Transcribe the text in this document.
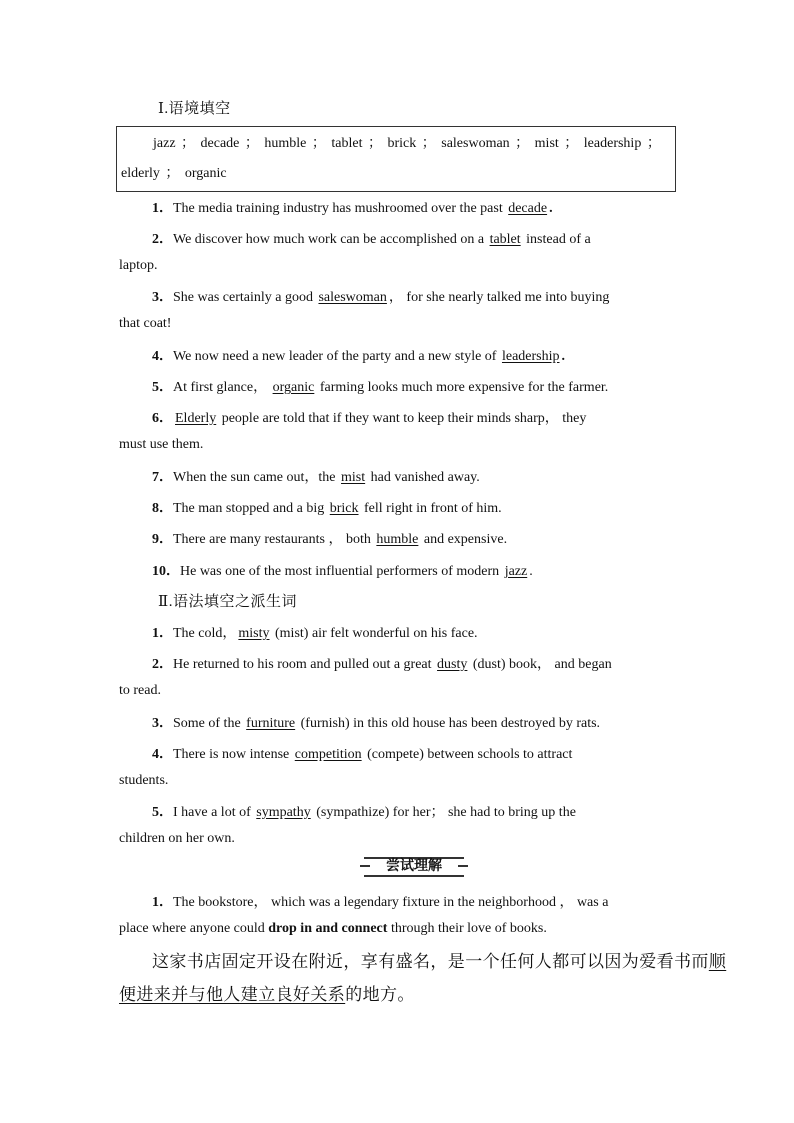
Ⅰ.语境填空
jazz ； decade ； humble ； tablet ； brick ； saleswoman ； mist ； leadership ；
elderly ； organic
1．The media training industry has mushroomed over the past decade .
2．We discover how much work can be accomplished on a tablet instead of a
laptop.
3．She was certainly a good saleswoman ， for she nearly talked me into buying
that coat!
4．We now need a new leader of the party and a new style of leadership .
5．At first glance， organic farming looks much more expensive for the farmer.
6． Elderly people are told that if they want to keep their minds sharp， they
must use them.
7．When the sun came out，the mist had vanished away.
8．The man stopped and a big brick fell right in front of him.
9．There are many restaurants ， both humble and expensive.
10．He was one of the most influential performers of modern jazz .
Ⅱ.语法填空之派生词
1．The cold， misty (mist) air felt wonderful on his face.
2．He returned to his room and pulled out a great dusty (dust) book， and began
to read.
3．Some of the furniture (furnish) in this old house has been destroyed by rats.
4．There is now intense competition (compete) between schools to attract
students.
5．I have a lot of sympathy (sympathize) for her； she had to bring up the
children on her own.
尝试理解
1．The bookstore， which was a legendary fixture in the neighborhood ， was a
place where anyone could drop in and connect through their love of books.
这家书店固定开设在附近，享有盛名，是一个任何人都可以因为爱看书而顺
便进来并与他人建立良好关系的地方。
